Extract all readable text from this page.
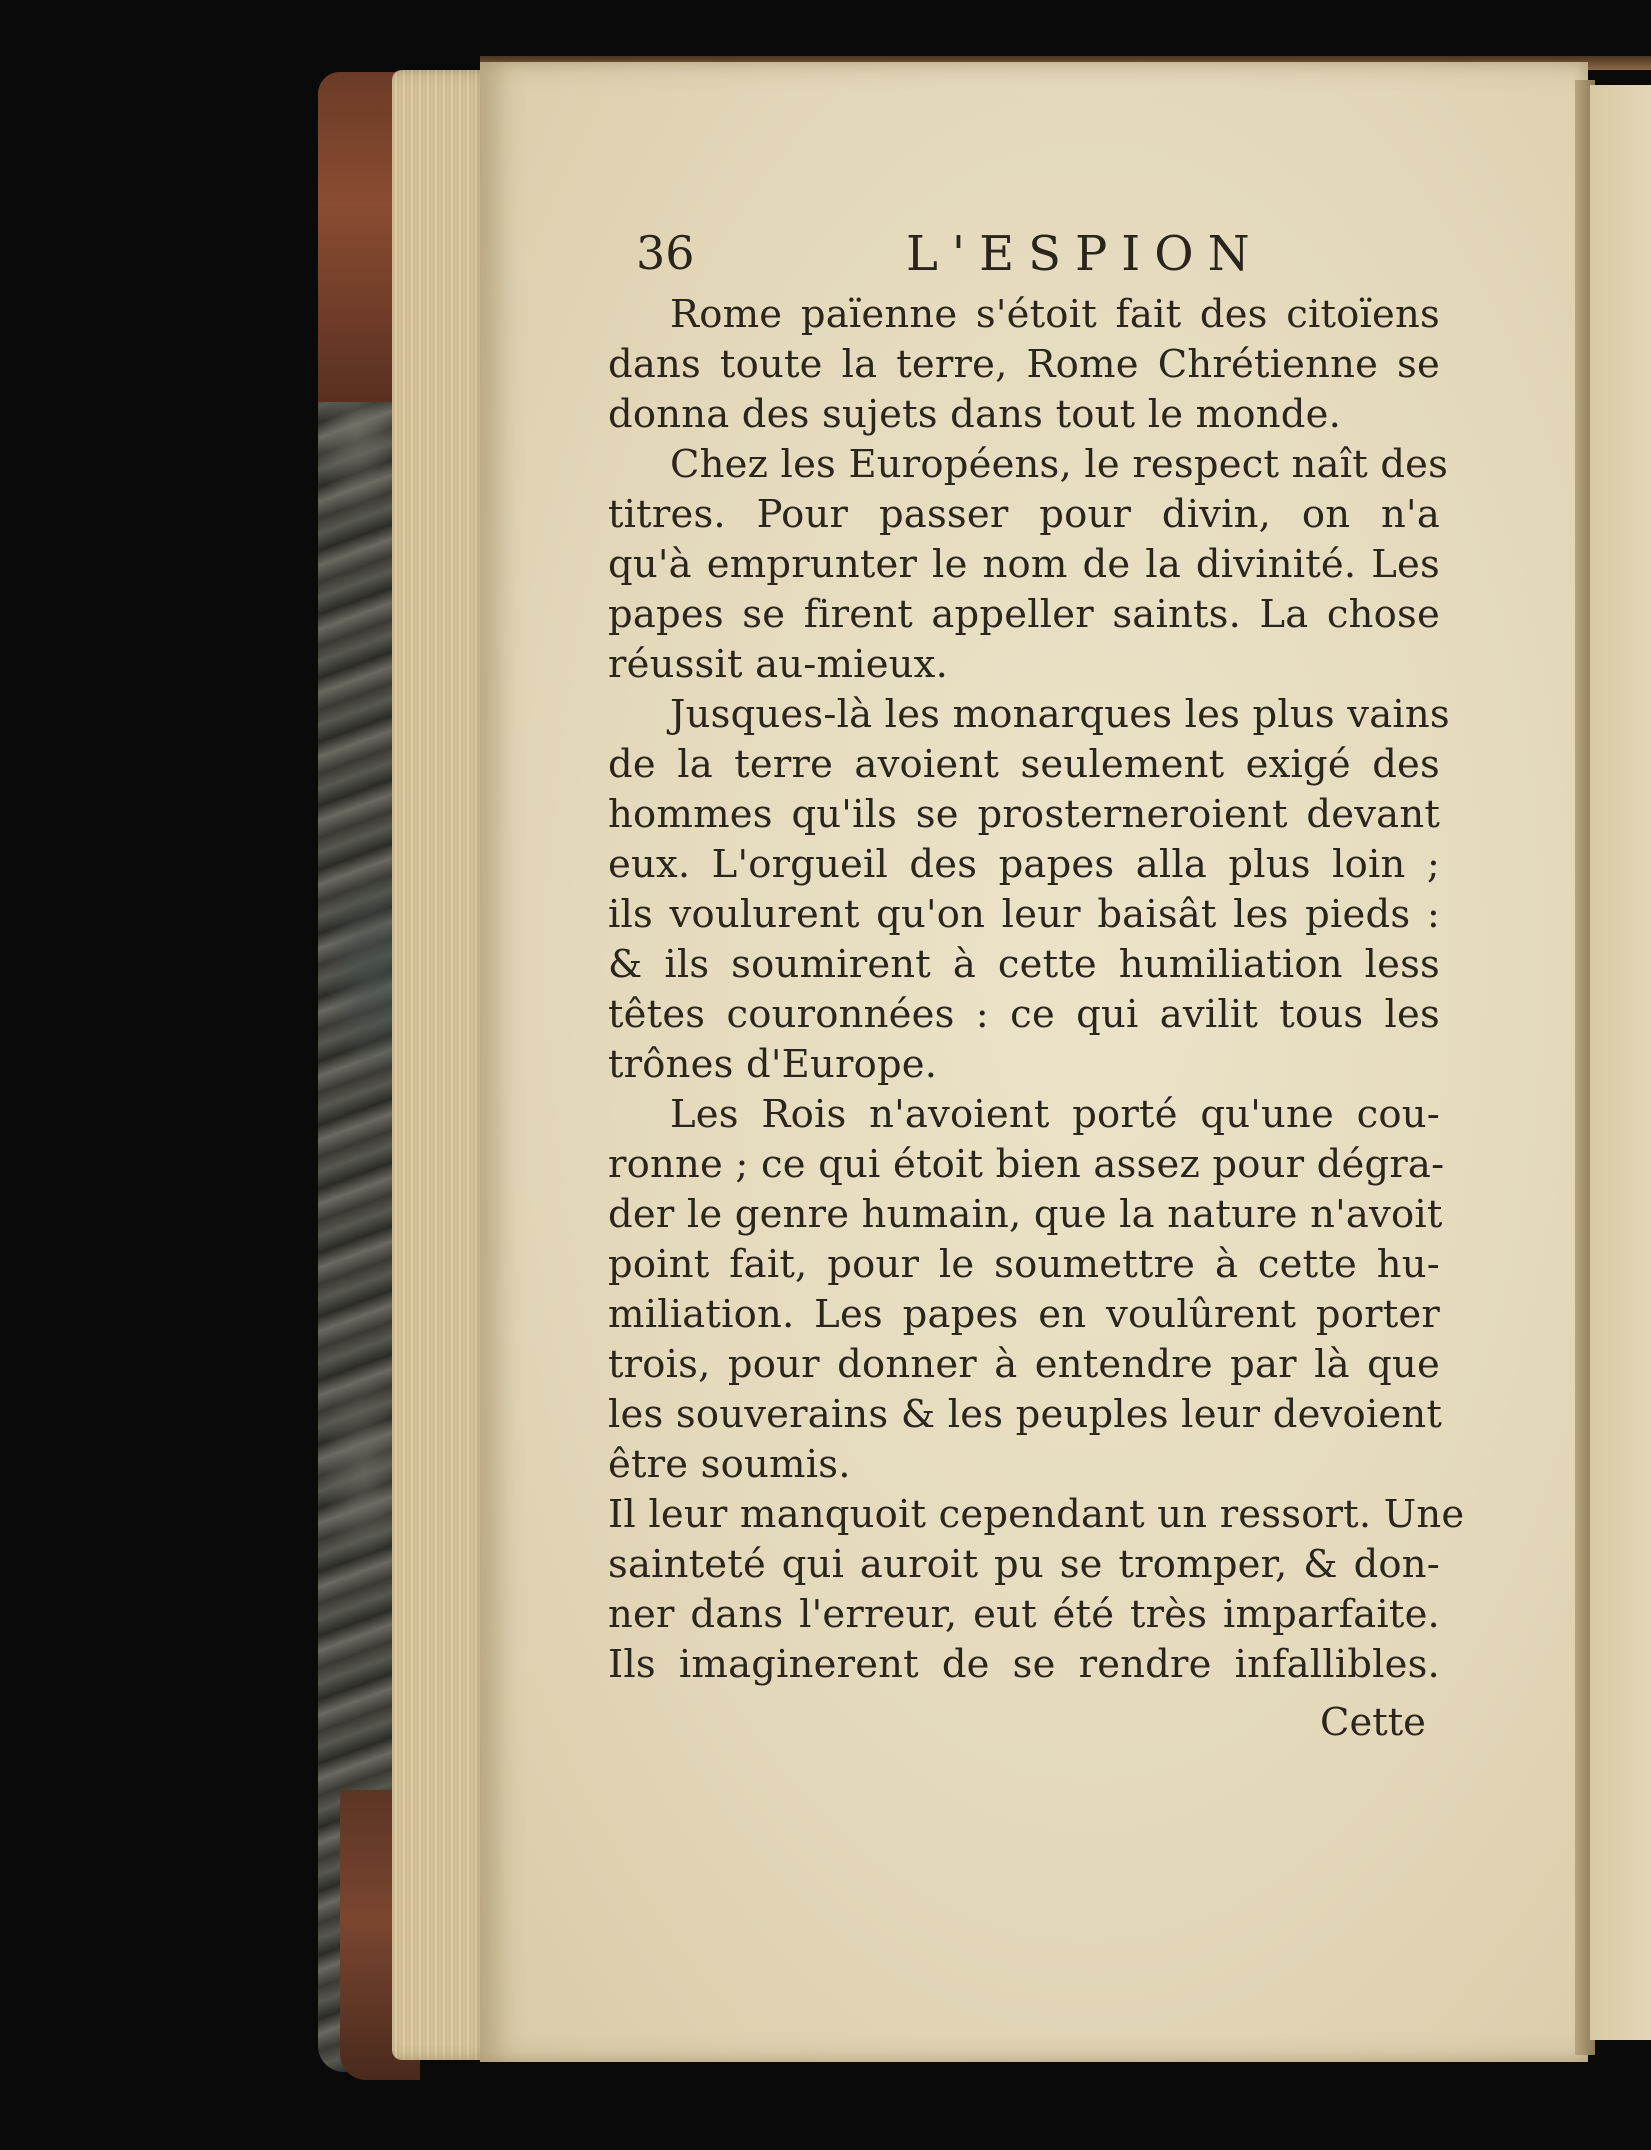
36	L'ESPION
Rome païenne s'étoit fait des citoïens
dans toute la terre, Rome Chrétienne se
donna des sujets dans tout le monde.
Chez les Européens, le respect naît des
titres. Pour passer pour divin, on n'a
qu'à emprunter le nom de la divinité. Les
papes se firent appeller saints. La chose
réussit au-mieux.
Jusques-là les monarques les plus vains
de la terre avoient seulement exigé des
hommes qu'ils se prosterneroient devant
eux. L'orgueil des papes alla plus loin ;
ils voulurent qu'on leur baisât les pieds :
& ils soumirent à cette humiliation less
têtes couronnées : ce qui avilit tous les
trônes d'Europe.
Les Rois n'avoient porté qu'une cou-
ronne ; ce qui étoit bien assez pour dégra-
der le genre humain, que la nature n'avoit
point fait, pour le soumettre à cette hu-
miliation. Les papes en voulûrent porter
trois, pour donner à entendre par là que
les souverains & les peuples leur devoient
être soumis.
Il leur manquoit cependant un ressort. Une
sainteté qui auroit pu se tromper, & don-
ner dans l'erreur, eut été très imparfaite.
Ils imaginerent de se rendre infallibles.
Cette
